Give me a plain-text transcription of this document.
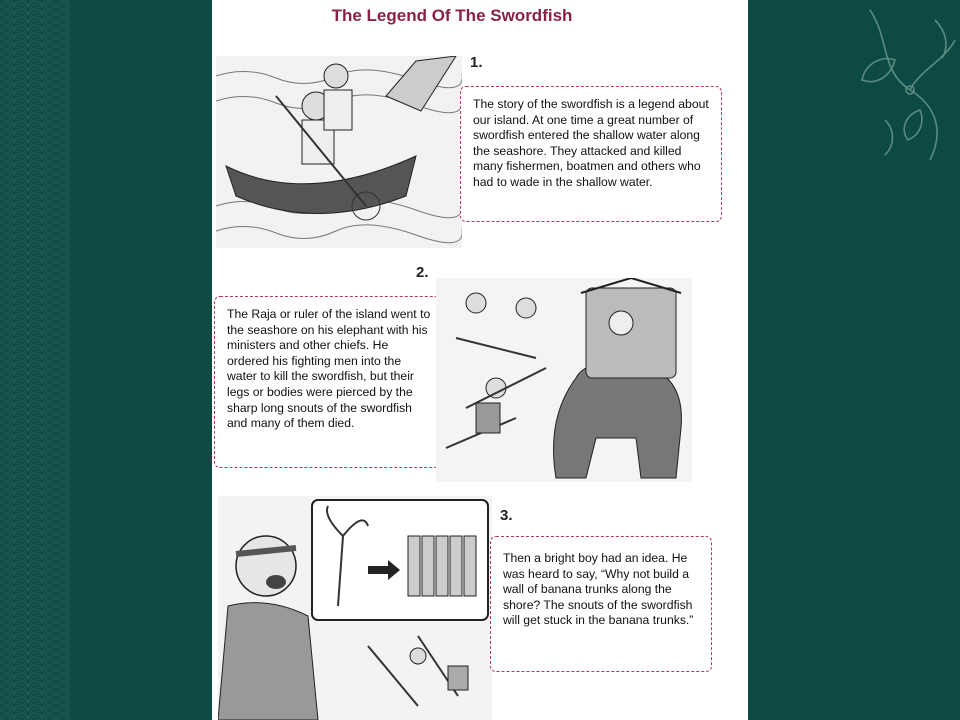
The Legend Of The Swordfish
1.
The story of the swordfish is a legend about our island. At one time a great number of swordfish entered the shallow water along the seashore. They attacked and killed many fishermen, boatmen and others who had to wade in the shallow water.
2.
The Raja or ruler of the island went to the seashore on his elephant with his ministers and other chiefs. He ordered his fighting men into the water to kill the swordfish, but their legs or bodies were pierced by the sharp long snouts of the swordfish and many of them died.
3.
Then a bright boy had an idea. He was heard to say, “Why not build a wall of banana trunks along the shore? The snouts of the swordfish will get stuck in the banana trunks.”
